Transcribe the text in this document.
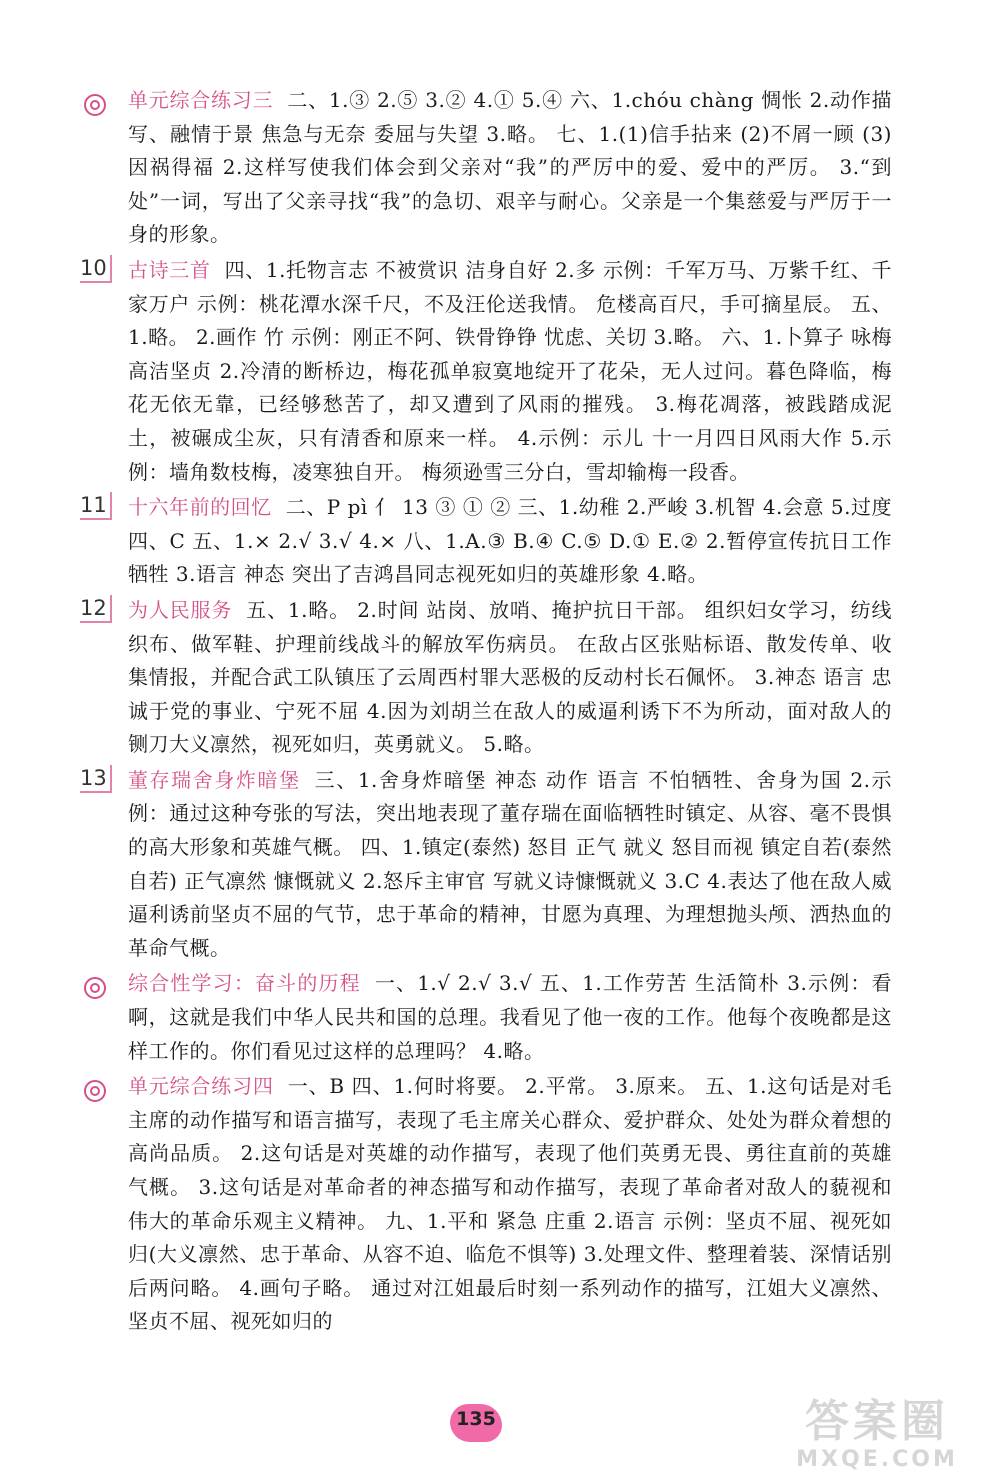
单元综合练习三 二、1.③ 2.⑤ 3.② 4.① 5.④ 六、1.chóu chàng 惆怅 2.动作描写、融情于景 焦急与无奈 委屈与失望 3.略。 七、1.(1)信手拈来 (2)不屑一顾 (3)因祸得福 2.这样写使我们体会到父亲对“我”的严厉中的爱、爱中的严厉。 3.“到处”一词，写出了父亲寻找“我”的急切、艰辛与耐心。父亲是一个集慈爱与严厉于一身的形象。

10 古诗三首 四、1.托物言志 不被赏识 洁身自好 2.多 示例：千军万马、万紫千红、千家万户 示例：桃花潭水深千尺，不及汪伦送我情。 危楼高百尺，手可摘星辰。 五、1.略。 2.画作 竹 示例：刚正不阿、铁骨铮铮 忧虑、关切 3.略。 六、1.卜算子 咏梅 高洁坚贞 2.冷清的断桥边，梅花孤单寂寞地绽开了花朵，无人过问。暮色降临，梅花无依无靠，已经够愁苦了，却又遭到了风雨的摧残。 3.梅花凋落，被践踏成泥土，被碾成尘灰，只有清香和原来一样。 4.示例：示儿 十一月四日风雨大作 5.示例：墙角数枝梅，凌寒独自开。 梅须逊雪三分白，雪却输梅一段香。

11 十六年前的回忆 二、P pì 亻 13 ③ ① ② 三、1.幼稚 2.严峻 3.机智 4.会意 5.过度 四、C 五、1.× 2.√ 3.√ 4.× 八、1.A.③ B.④ C.⑤ D.① E.② 2.暂停宣传抗日工作 牺牲 3.语言 神态 突出了吉鸿昌同志视死如归的英雄形象 4.略。

12 为人民服务 五、1.略。 2.时间 站岗、放哨、掩护抗日干部。 组织妇女学习，纺线织布、做军鞋、护理前线战斗的解放军伤病员。 在敌占区张贴标语、散发传单、收集情报，并配合武工队镇压了云周西村罪大恶极的反动村长石佩怀。 3.神态 语言 忠诚于党的事业、宁死不屈 4.因为刘胡兰在敌人的威逼利诱下不为所动，面对敌人的铡刀大义凛然，视死如归，英勇就义。 5.略。

13 董存瑞舍身炸暗堡 三、1.舍身炸暗堡 神态 动作 语言 不怕牺牲、舍身为国 2.示例：通过这种夸张的写法，突出地表现了董存瑞在面临牺牲时镇定、从容、毫不畏惧的高大形象和英雄气概。 四、1.镇定(泰然) 怒目 正气 就义 怒目而视 镇定自若(泰然自若) 正气凛然 慷慨就义 2.怒斥主审官 写就义诗慷慨就义 3.C 4.表达了他在敌人威逼利诱前坚贞不屈的气节，忠于革命的精神，甘愿为真理、为理想抛头颅、洒热血的革命气概。

综合性学习：奋斗的历程 一、1.√ 2.√ 3.√ 五、1.工作劳苦 生活简朴 3.示例：看啊，这就是我们中华人民共和国的总理。我看见了他一夜的工作。他每个夜晚都是这样工作的。你们看见过这样的总理吗？ 4.略。

单元综合练习四 一、B 四、1.何时将要。 2.平常。 3.原来。 五、1.这句话是对毛主席的动作描写和语言描写，表现了毛主席关心群众、爱护群众、处处为群众着想的高尚品质。 2.这句话是对英雄的动作描写，表现了他们英勇无畏、勇往直前的英雄气概。 3.这句话是对革命者的神态描写和动作描写，表现了革命者对敌人的藐视和伟大的革命乐观主义精神。 九、1.平和 紧急 庄重 2.语言 示例：坚贞不屈、视死如归(大义凛然、忠于革命、从容不迫、临危不惧等) 3.处理文件、整理着装、深情话别 后两问略。 4.画句子略。 通过对江姐最后时刻一系列动作的描写，江姐大义凛然、坚贞不屈、视死如归的

135	答案圈
MXQE.COM
